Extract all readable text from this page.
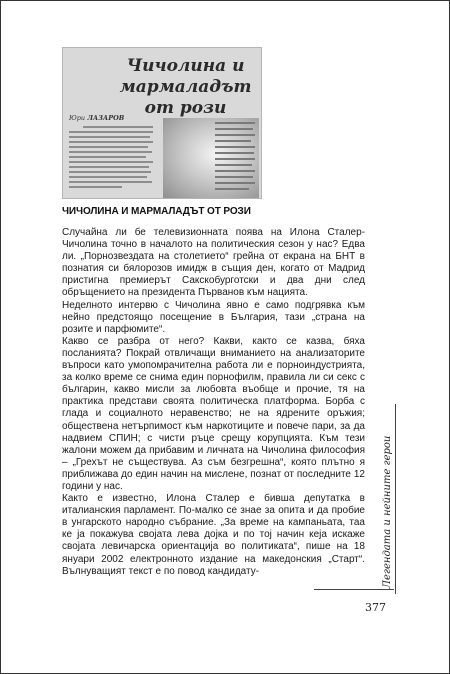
Чичолина и мармаладът от рози
Юри ЛАЗАРОВ
ЧИЧОЛИНА И МАРМАЛАДЪТ ОТ РОЗИ

Случайна ли бе телевизионната поява на Илона Сталер-Чичолина точно в началото на политическия сезон у нас? Едва ли. „Порнозвездата на столетието“ грейна от екрана на БНТ в познатия си бялорозов имидж в същия ден, когато от Мадрид пристигна премиерът Сакскобурготски и два дни след обръщението на президента Първанов към нацията.

Неделното интервю с Чичолина явно е само подгрявка към нейно предстоящо посещение в България, тази „страна на розите и парфюмите“.

Какво се разбра от него? Какви, както се казва, бяха посланията? Покрай отвличащи вниманието на анализаторите въпроси като умопомрачителна работа ли е порноиндустрията, за колко време се снима един порнофилм, правила ли си секс с българин, какво мисли за любовта въобще и прочие, тя на практика представи своята политическа платформа. Борба с глада и социалното неравенство; не на ядрените оръжия; обществена нетърпимост към наркотиците и повече пари, за да надвием СПИН; с чисти ръце срещу корупцията. Към тези жалони можем да прибавим и личната на Чичолина философия – „Грехът не съществува. Аз съм безгрешна“, която плътно я приближава до един начин на мислене, познат от последните 12 години у нас.

Както е известно, Илона Сталер е бивша депутатка в италианския парламент. По-малко се знае за опита и да пробие в унгарското народно събрание. „За време на кампаньата, таа ке ја покажува својата лева дојка и по тој начин кеја искаже својата левичарска ориентација во политиката“, пише на 18 януари 2002 електронното издание на македонския „Старт“. Вълнуващият текст е по повод кандидату-	Легендата и нейните герои
377
